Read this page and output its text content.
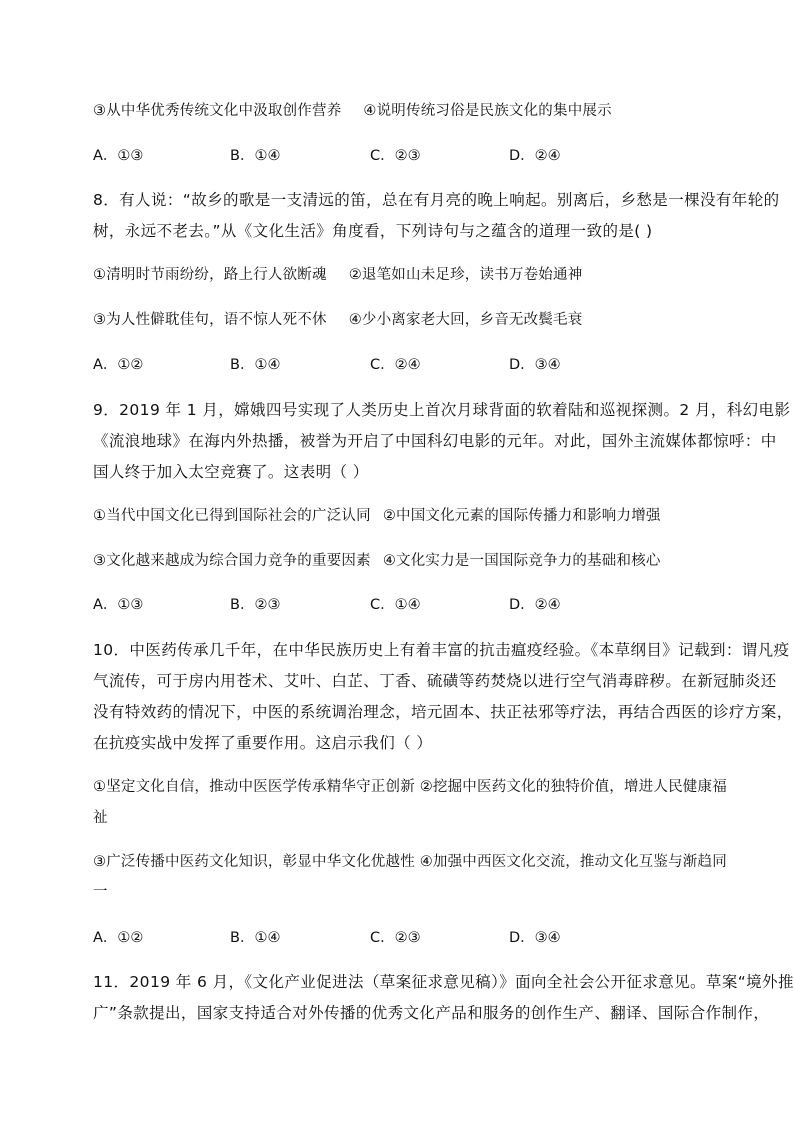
③从中华优秀传统文化中汲取创作营养 ④说明传统习俗是民族文化的集中展示
A．①③	B．①④	C．②③	D．②④
8．有人说：“故乡的歌是一支清远的笛，总在有月亮的晚上响起。别离后，乡愁是一棵没有年轮的
树，永远不老去。”从《文化生活》角度看，下列诗句与之蕴含的道理一致的是( )
①清明时节雨纷纷，路上行人欲断魂 ②退笔如山未足珍，读书万卷始通神
③为人性僻耽佳句，语不惊人死不休 ④少小离家老大回，乡音无改鬓毛衰
A．①②	B．①④	C．②④	D．③④
9．2019 年 1 月，嫦娥四号实现了人类历史上首次月球背面的软着陆和巡视探测。2 月，科幻电影
《流浪地球》在海内外热播，被誉为开启了中国科幻电影的元年。对此，国外主流媒体都惊呼：中
国人终于加入太空竞赛了。这表明（ ）
①当代中国文化已得到国际社会的广泛认同 ②中国文化元素的国际传播力和影响力增强
③文化越来越成为综合国力竞争的重要因素 ④文化实力是一国国际竞争力的基础和核心
A．①③	B．②③	C．①④	D．②④
10．中医药传承几千年，在中华民族历史上有着丰富的抗击瘟疫经验。《本草纲目》记载到：谓凡疫
气流传，可于房内用苍术、艾叶、白芷、丁香、硫磺等药焚烧以进行空气消毒辟秽。在新冠肺炎还
没有特效药的情况下，中医的系统调治理念，培元固本、扶正祛邪等疗法，再结合西医的诊疗方案，
在抗疫实战中发挥了重要作用。这启示我们（ ）
①坚定文化自信，推动中医医学传承精华守正创新 ②挖掘中医药文化的独特价值，增进人民健康福
祉
③广泛传播中医药文化知识，彰显中华文化优越性 ④加强中西医文化交流，推动文化互鉴与渐趋同
一
A．①②	B．①④	C．②③	D．③④
11．2019 年 6 月，《文化产业促进法（草案征求意见稿）》面向全社会公开征求意见。草案“境外推
广”条款提出，国家支持适合对外传播的优秀文化产品和服务的创作生产、翻译、国际合作制作，
